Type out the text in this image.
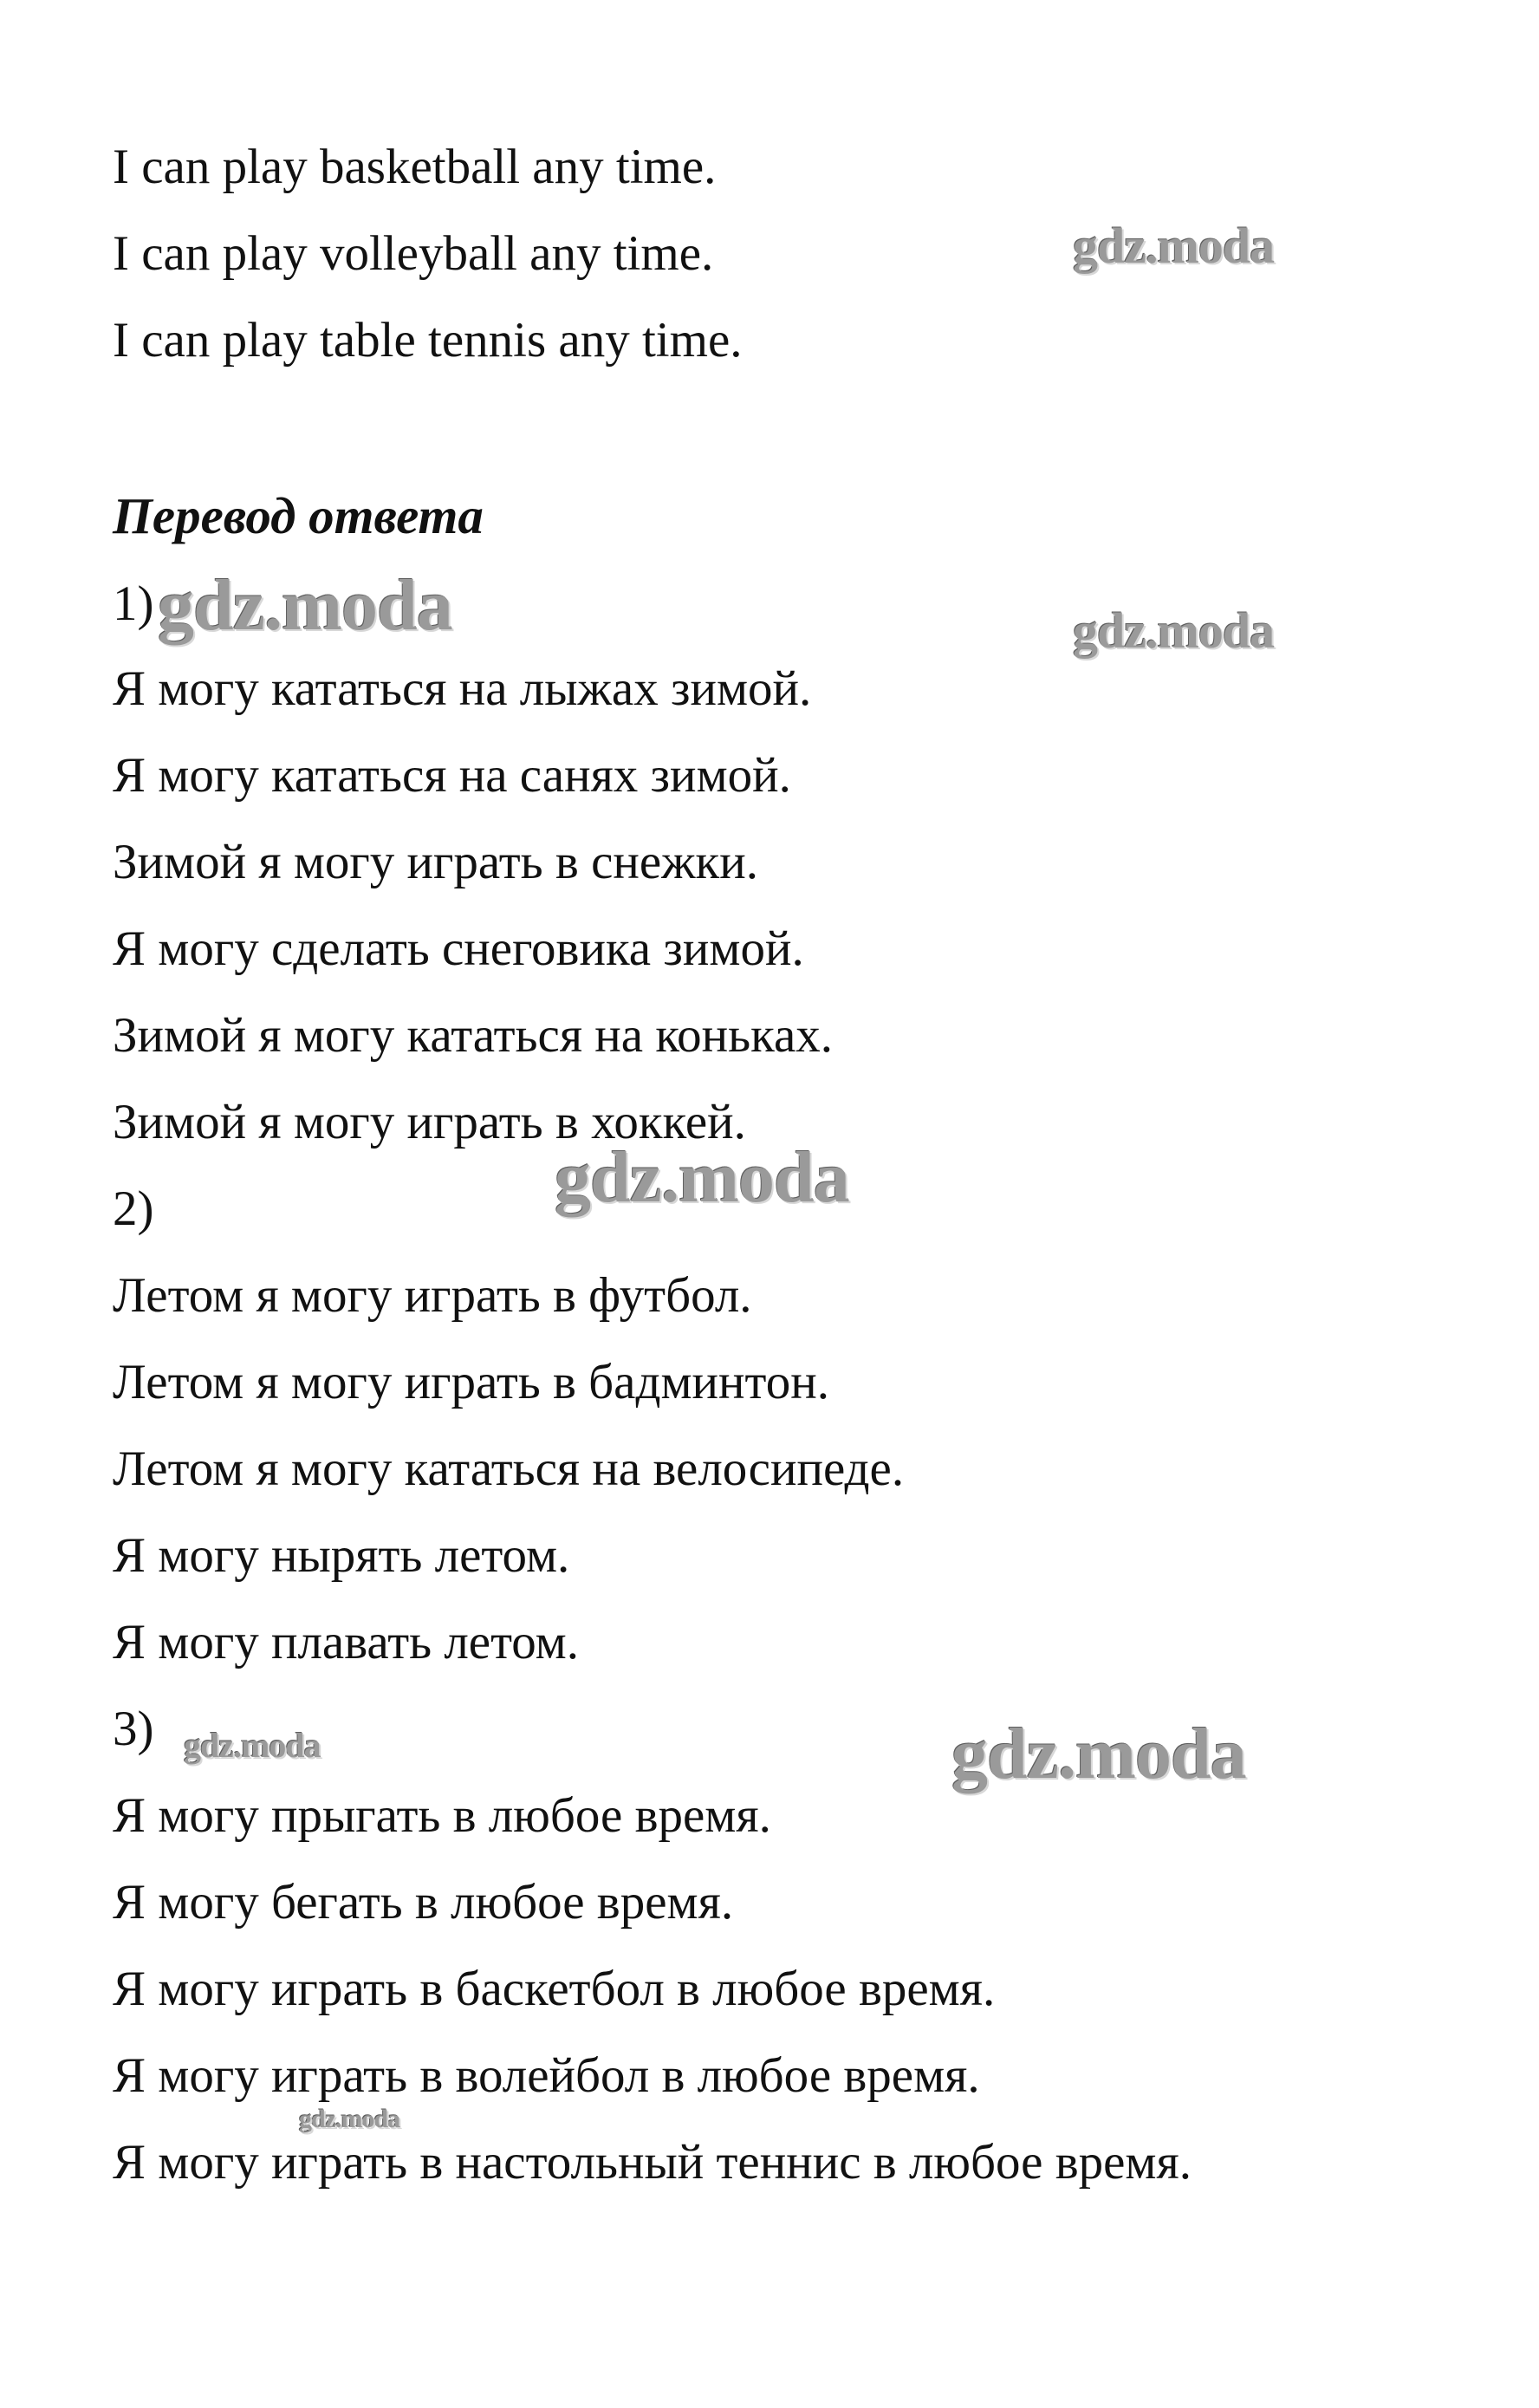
I can play basketball any time.
I can play volleyball any time.
I can play table tennis any time.
Перевод ответа
1)
Я могу кататься на лыжах зимой.
Я могу кататься на санях зимой.
Зимой я могу играть в снежки.
Я могу сделать снеговика зимой.
Зимой я могу кататься на коньках.
Зимой я могу играть в хоккей.
2)
Летом я могу играть в футбол.
Летом я могу играть в бадминтон.
Летом я могу кататься на велосипеде.
Я могу нырять летом.
Я могу плавать летом.
3)
Я могу прыгать в любое время.
Я могу бегать в любое время.
Я могу играть в баскетбол в любое время.
Я могу играть в волейбол в любое время.
Я могу играть в настольный теннис в любое время.
gdz.moda
gdz.moda	gdz.moda
gdz.moda
gdz.moda	gdz.moda
gdz.moda
